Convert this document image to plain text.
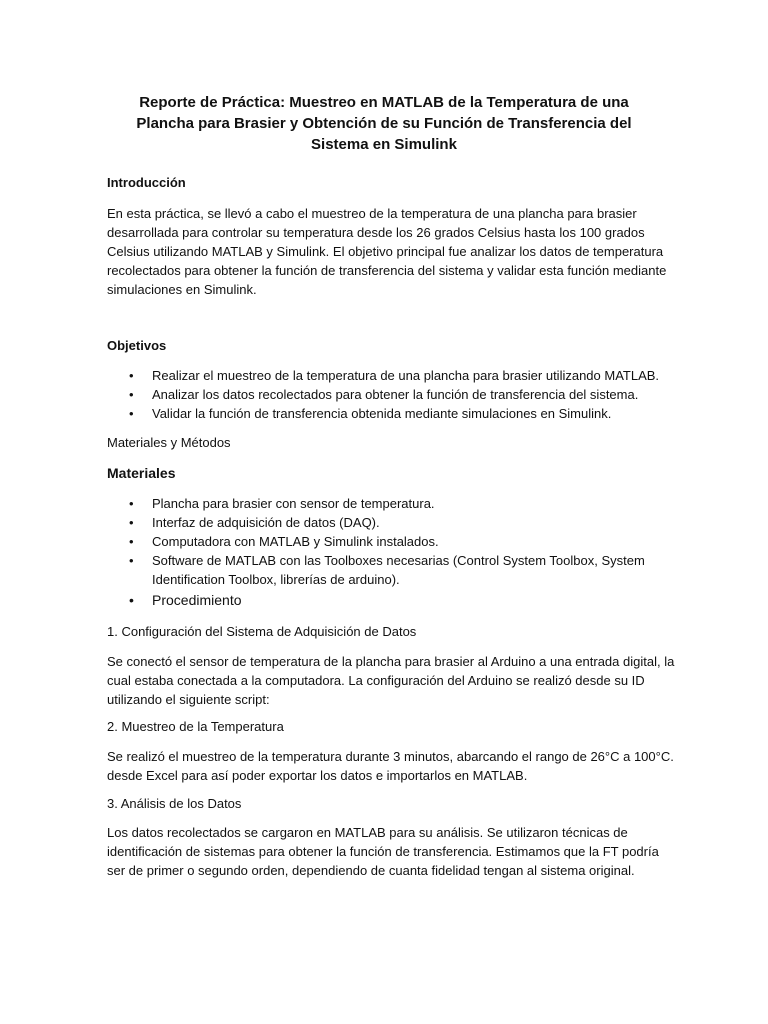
Reporte de Práctica: Muestreo en MATLAB de la Temperatura de una
Plancha para Brasier y Obtención de su Función de Transferencia del
Sistema en Simulink
Introducción
En esta práctica, se llevó a cabo el muestreo de la temperatura de una plancha para brasier
desarrollada para controlar su temperatura desde los 26 grados Celsius hasta los 100 grados
Celsius utilizando MATLAB y Simulink. El objetivo principal fue analizar los datos de temperatura
recolectados para obtener la función de transferencia del sistema y validar esta función mediante
simulaciones en Simulink.
Objetivos
• Realizar el muestreo de la temperatura de una plancha para brasier utilizando MATLAB.
• Analizar los datos recolectados para obtener la función de transferencia del sistema.
• Validar la función de transferencia obtenida mediante simulaciones en Simulink.
Materiales y Métodos
Materiales
• Plancha para brasier con sensor de temperatura.
• Interfaz de adquisición de datos (DAQ).
• Computadora con MATLAB y Simulink instalados.
• Software de MATLAB con las Toolboxes necesarias (Control System Toolbox, System
Identification Toolbox, librerías de arduino).
• Procedimiento
1. Configuración del Sistema de Adquisición de Datos
Se conectó el sensor de temperatura de la plancha para brasier al Arduino a una entrada digital, la
cual estaba conectada a la computadora. La configuración del Arduino se realizó desde su ID
utilizando el siguiente script:
2. Muestreo de la Temperatura
Se realizó el muestreo de la temperatura durante 3 minutos, abarcando el rango de 26°C a 100°C.
desde Excel para así poder exportar los datos e importarlos en MATLAB.
3. Análisis de los Datos
Los datos recolectados se cargaron en MATLAB para su análisis. Se utilizaron técnicas de
identificación de sistemas para obtener la función de transferencia. Estimamos que la FT podría
ser de primer o segundo orden, dependiendo de cuanta fidelidad tengan al sistema original.
